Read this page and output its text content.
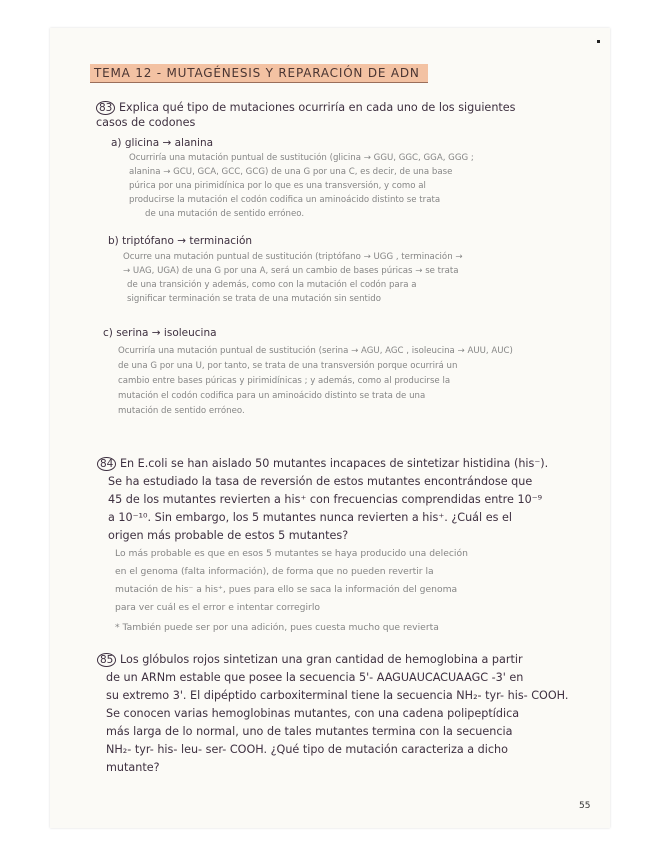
TEMA 12 - MUTAGÉNESIS Y REPARACIÓN DE ADN
83 Explica qué tipo de mutaciones ocurriría en cada uno de los siguientes
casos de codones
a) glicina → alanina
Ocurriría una mutación puntual de sustitución (glicina → GGU, GGC, GGA, GGG ;
alanina → GCU, GCA, GCC, GCG) de una G por una C, es decir, de una base
púrica por una pirimidínica por lo que es una transversión, y como al
producirse la mutación el codón codifica un aminoácido distinto se trata
de una mutación de sentido erróneo.
b) triptófano → terminación
Ocurre una mutación puntual de sustitución (triptófano → UGG , terminación →
→ UAG, UGA) de una G por una A, será un cambio de bases púricas → se trata
de una transición y además, como con la mutación el codón para a
significar terminación se trata de una mutación sin sentido
c) serina → isoleucina
Ocurriría una mutación puntual de sustitución (serina → AGU, AGC , isoleucina → AUU, AUC)
de una G por una U, por tanto, se trata de una transversión porque ocurrirá un
cambio entre bases púricas y pirimidínicas ; y además, como al producirse la
mutación el codón codifica para un aminoácido distinto se trata de una
mutación de sentido erróneo.
84 En E.coli se han aislado 50 mutantes incapaces de sintetizar histidina (his⁻).
Se ha estudiado la tasa de reversión de estos mutantes encontrándose que
45 de los mutantes revierten a his⁺ con frecuencias comprendidas entre 10⁻⁹
a 10⁻¹⁰. Sin embargo, los 5 mutantes nunca revierten a his⁺. ¿Cuál es el
origen más probable de estos 5 mutantes?
Lo más probable es que en esos 5 mutantes se haya producido una deleción
en el genoma (falta información), de forma que no pueden revertir la
mutación de his⁻ a his⁺, pues para ello se saca la información del genoma
para ver cuál es el error e intentar corregirlo
* También puede ser por una adición, pues cuesta mucho que revierta
85 Los glóbulos rojos sintetizan una gran cantidad de hemoglobina a partir
de un ARNm estable que posee la secuencia 5'- AAGUAUCACUAAGC -3' en
su extremo 3'. El dipéptido carboxiterminal tiene la secuencia NH₂- tyr- his- COOH.
Se conocen varias hemoglobinas mutantes, con una cadena polipeptídica
más larga de lo normal, uno de tales mutantes termina con la secuencia
NH₂- tyr- his- leu- ser- COOH. ¿Qué tipo de mutación caracteriza a dicho
mutante?
55
